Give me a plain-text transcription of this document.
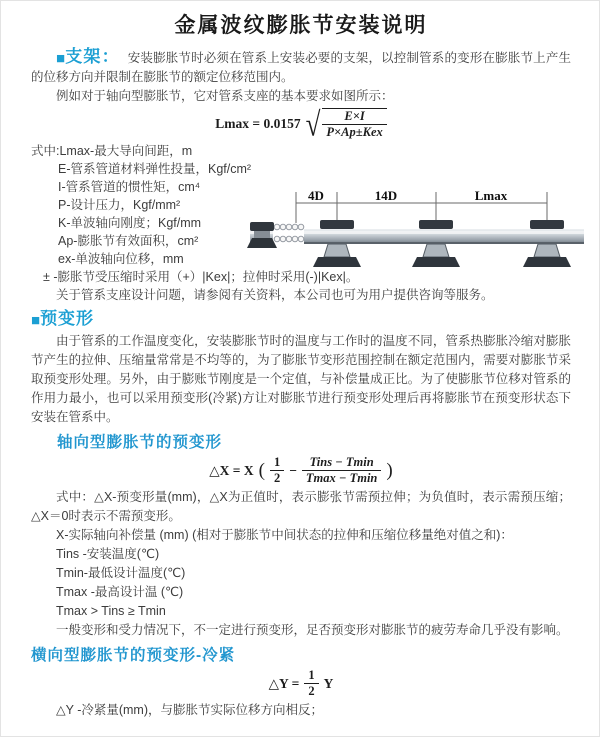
金属波纹膨胀节安装说明

■支架： 安装膨胀节时必须在管系上安装必要的支架，以控制管系的变形在膨胀节上产生的位移方向并限制在膨胀节的额定位移范围内。

例如对于轴向型膨胀节，它对管系支座的基本要求如图所示：

Lmax = 0.0157 √ $\frac{E\times I}{\text{P×Ap±Kex}}$
式中:Lmax-最大导向间距，m
E-管系管道材料弹性投量，Kgf/cm²
I-管系管道的惯性矩，cm⁴
P-设计压力，Kgf/mm²
K-单波轴向刚度；Kgf/mm
Ap-膨胀节有效面积，cm²
ex-单波轴向位移，mm
± -膨胀节受压缩时采用（+）|Kex|；拉伸时采用(-)|Kex|。
关于管系支座设计问题，请参阅有关资料，本公司也可为用户提供咨询等服务。
4D	14D	Lmax

■预变形

由于管系的工作温度变化，安装膨胀节时的温度与工作时的温度不同，管系热膨胀冷缩对膨胀节产生的拉伸、压缩量常常是不均等的，为了膨胀节变形范围控制在额定范围内，需要对膨胀节采取预变形处理。另外，由于膨账节刚度是一个定值，与补偿量成正比。为了使膨胀节位移对管系的作用力最小，也可以采用预变形(冷紧)方让对膨胀节进行预变形处理后再将膨胀节在预变形状态下安装在管系中。

轴向型膨胀节的预变形

△X = X ( $\frac{1}{2} - \frac{\text{Tins − Tmin}}{Tmax - Tmin}$ )

式中：△X-预变形量(mm)，△X为正值时，表示膨张节需预拉伸；为负值时，表示需预压缩；△X＝0时表示不需预变形。

X-实际轴向补偿量 (mm) (相对于膨胀节中间状态的拉伸和压缩位移量绝对值之和)：
Tins -安装温度(℃)
Tmin-最低设计温度(℃)
Tmax -最高设计温 (℃)
Tmax > Tins ≥ Tmin
一般变形和受力情况下，不一定进行预变形，足否预变形对膨胀节的疲劳寿命几乎没有影响。

横向型膨胀节的预变形-冷紧

△Y = $\frac{1}{2}$ Y
△Y -冷紧量(mm)，与膨胀节实际位移方向相反；
